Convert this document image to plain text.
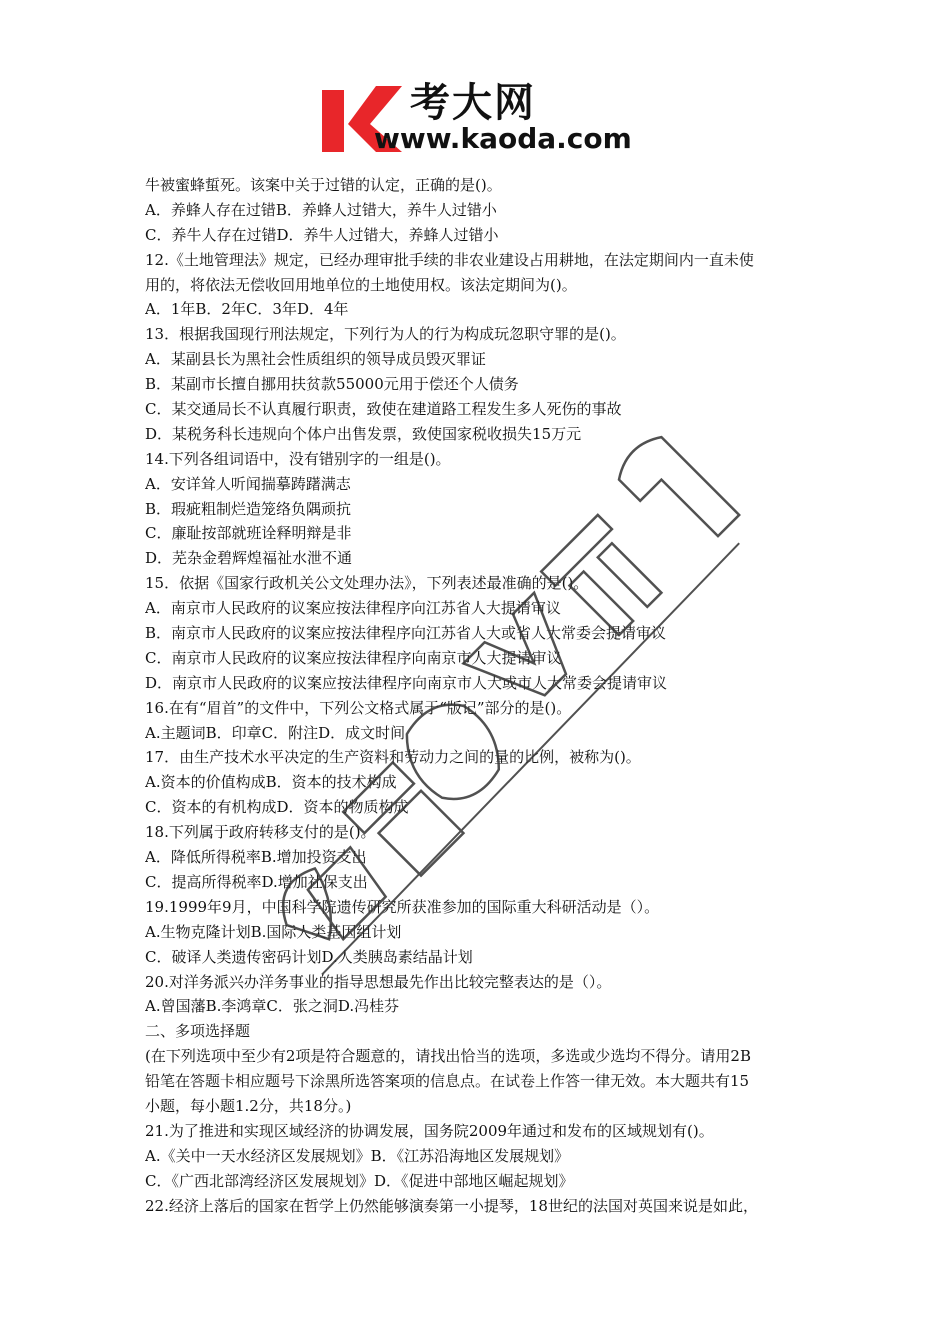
考大网
www.kaoda.com
牛被蜜蜂蜇死。该案中关于过错的认定，正确的是()。
A．养蜂人存在过错B．养蜂人过错大，养牛人过错小
C．养牛人存在过错D．养牛人过错大，养蜂人过错小
12.《土地管理法》规定，已经办理审批手续的非农业建设占用耕地，在法定期间内一直未使
用的，将依法无偿收回用地单位的土地使用权。该法定期间为()。
A．1年B．2年C．3年D．4年
13．根据我国现行刑法规定，下列行为人的行为构成玩忽职守罪的是()。
A．某副县长为黑社会性质组织的领导成员毁灭罪证
B．某副市长擅自挪用扶贫款55000元用于偿还个人债务
C．某交通局长不认真履行职责，致使在建道路工程发生多人死伤的事故
D．某税务科长违规向个体户出售发票，致使国家税收损失15万元
14.下列各组词语中，没有错别字的一组是()。
A．安详耸人听闻揣摹踌躇满志
B．瑕疵粗制烂造笼络负隅顽抗
C．廉耻按部就班诠释明辩是非
D．芜杂金碧辉煌福祉水泄不通
15．依据《国家行政机关公文处理办法》，下列表述最准确的是()。
A．南京市人民政府的议案应按法律程序向江苏省人大提请审议
B．南京市人民政府的议案应按法律程序向江苏省人大或省人大常委会提请审议
C．南京市人民政府的议案应按法律程序向南京市人大提请审议
D．南京市人民政府的议案应按法律程序向南京市人大或市人大常委会提请审议
16.在有“眉首”的文件中，下列公文格式属于“版记”部分的是()。
A.主题词B．印章C．附注D．成文时间
17．由生产技术水平决定的生产资料和劳动力之间的量的比例，被称为()。
A.资本的价值构成B．资本的技术构成
C．资本的有机构成D．资本的物质构成
18.下列属于政府转移支付的是()。
A．降低所得税率B.增加投资支出
C．提高所得税率D.增加社保支出
19.1999年9月，中国科学院遗传研究所获准参加的国际重大科研活动是（）。
A.生物克隆计划B.国际人类基因组计划
C．破译人类遗传密码计划D.人类胰岛素结晶计划
20.对洋务派兴办洋务事业的指导思想最先作出比较完整表达的是（）。
A.曾国藩B.李鸿章C．张之洞D.冯桂芬
二、多项选择题
(在下列选项中至少有2项是符合题意的，请找出恰当的选项，多选或少选均不得分。请用2B
铅笔在答题卡相应题号下涂黑所选答案项的信息点。在试卷上作答一律无效。本大题共有15
小题，每小题1.2分，共18分。)
21.为了推进和实现区域经济的协调发展，国务院2009年通过和发布的区域规划有()。
A.《关中一天水经济区发展规划》B．《江苏沿海地区发展规划》
C．《广西北部湾经济区发展规划》D．《促进中部地区崛起规划》
22.经济上落后的国家在哲学上仍然能够演奏第一小提琴，18世纪的法国对英国来说是如此，
